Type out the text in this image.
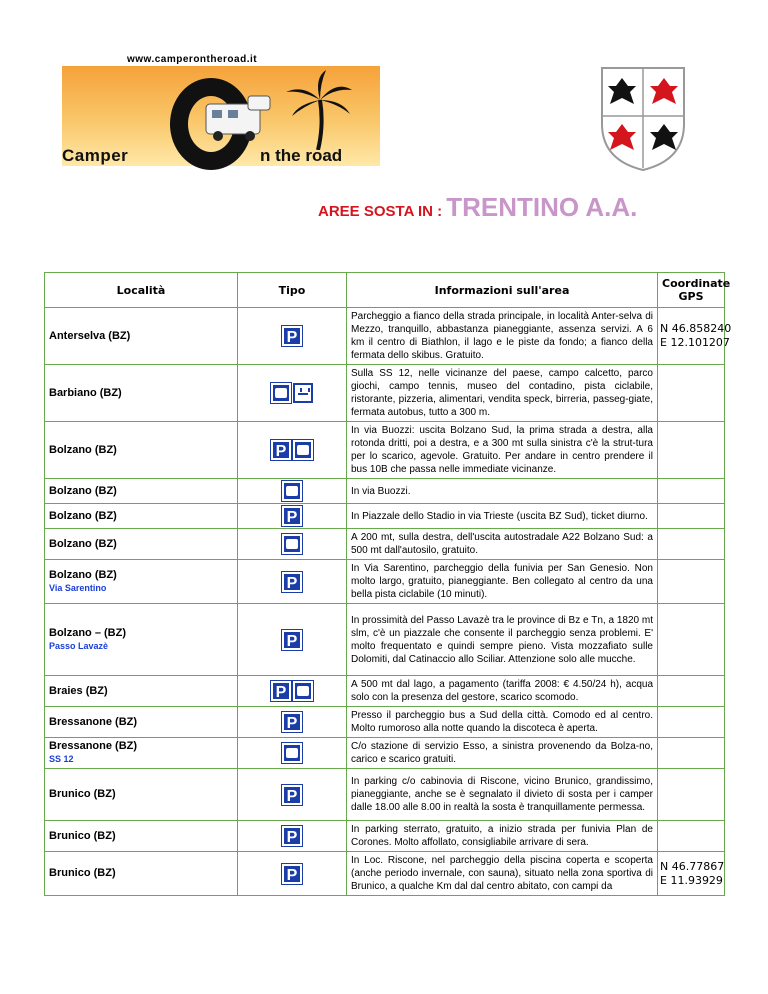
www.camperontheroad.it
Camper	n the road
AREE SOSTA IN : TRENTINO A.A.
Località	Tipo	Informazioni sull'area	Coordinate GPS
Anterselva (BZ)	P	Parcheggio a fianco della strada principale, in località Anter-selva di Mezzo, tranquillo, abbastanza pianeggiante, assenza servizi. A 6 km il centro di Biathlon, il lago e le piste da fondo; a fianco della fermata dello skibus. Gratuito.	N 46.858240
E 12.101207
Barbiano (BZ)		Sulla SS 12, nelle vicinanze del paese, campo calcetto, parco giochi, campo tennis, museo del contadino, pista ciclabile, ristorante, pizzeria, alimentari, vendita speck, birreria, passeg-giate, fermata autobus, tutto a 300 m.	

Bolzano (BZ)	P	In via Buozzi: uscita Bolzano Sud, la prima strada a destra, alla rotonda dritti, poi a destra, e a 300 mt sulla sinistra c'è la strut-tura per lo scarico, agevole. Gratuito. Per andare in centro prendere il bus 10B che passa nelle immediate vicinanze.	

Bolzano (BZ)		In via Buozzi.	

Bolzano (BZ)	P	In Piazzale dello Stadio in via Trieste (uscita BZ Sud), ticket diurno.	

Bolzano (BZ)		A 200 mt, sulla destra, dell'uscita autostradale A22 Bolzano Sud: a 500 mt dall'autosilo, gratuito.	

Bolzano (BZ)
Via Sarentino	P	In Via Sarentino, parcheggio della funivia per San Genesio. Non molto largo, gratuito, pianeggiante. Ben collegato al centro da una bella pista ciclabile (10 minuti).	

Bolzano – (BZ)
Passo Lavazè	P	In prossimità del Passo Lavazè tra le province di Bz e Tn, a 1820 mt slm, c'è un piazzale che consente il parcheggio senza problemi. E' molto frequentato e quindi sempre pieno. Vista mozzafiato sulle Dolomiti, dal Catinaccio allo Sciliar. Attenzione solo alle mucche.	

Braies (BZ)	P	A 500 mt dal lago, a pagamento (tariffa 2008: € 4.50/24 h), acqua solo con la presenza del gestore, scarico scomodo.	

Bressanone (BZ)	P	Presso il parcheggio bus a Sud della città. Comodo ed al centro. Molto rumoroso alla notte quando la discoteca è aperta.	

Bressanone (BZ)
SS 12		C/o stazione di servizio Esso, a sinistra provenendo da Bolza-no, carico e scarico gratuiti.	

Brunico (BZ)	P	In parking c/o cabinovia di Riscone, vicino Brunico, grandissimo, pianeggiante, anche se è segnalato il divieto di sosta per i camper dalle 18.00 alle 8.00 in realtà la sosta è tranquillamente permessa.	

Brunico (BZ)	P	In parking sterrato, gratuito, a inizio strada per funivia Plan de Corones. Molto affollato, consigliabile arrivare di sera.	

Brunico (BZ)	P	In Loc. Riscone, nel parcheggio della piscina coperta e scoperta (anche periodo invernale, con sauna), situato nella zona sportiva di Brunico, a qualche Km dal dal centro abitato, con campi da	N 46.77867
E 11.93929
